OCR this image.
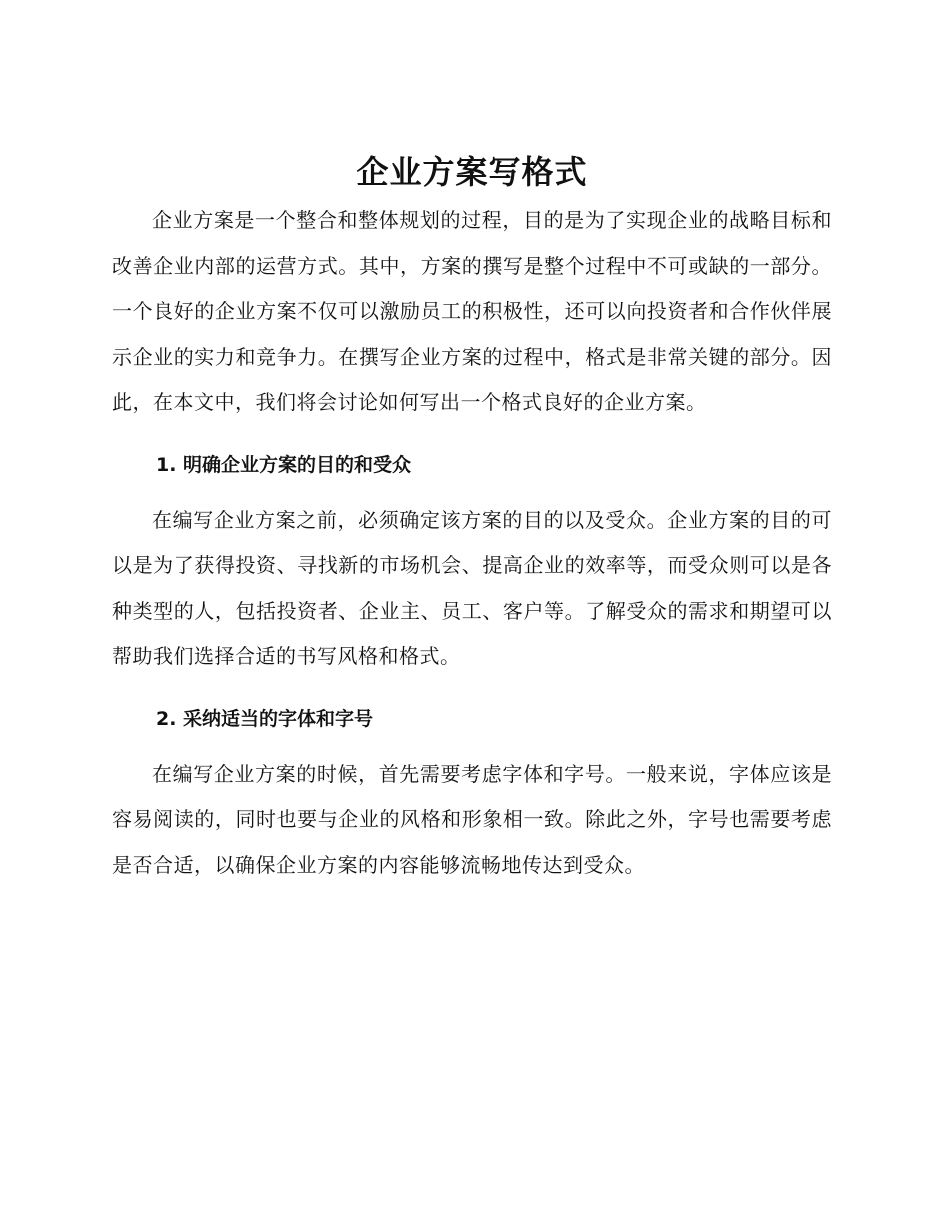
企业方案写格式

企业方案是一个整合和整体规划的过程，目的是为了实现企业的战略目标和改善企业内部的运营方式。其中，方案的撰写是整个过程中不可或缺的一部分。一个良好的企业方案不仅可以激励员工的积极性，还可以向投资者和合作伙伴展示企业的实力和竞争力。在撰写企业方案的过程中，格式是非常关键的部分。因此，在本文中，我们将会讨论如何写出一个格式良好的企业方案。

1. 明确企业方案的目的和受众

在编写企业方案之前，必须确定该方案的目的以及受众。企业方案的目的可以是为了获得投资、寻找新的市场机会、提高企业的效率等，而受众则可以是各种类型的人，包括投资者、企业主、员工、客户等。了解受众的需求和期望可以帮助我们选择合适的书写风格和格式。

2. 采纳适当的字体和字号

在编写企业方案的时候，首先需要考虑字体和字号。一般来说，字体应该是容易阅读的，同时也要与企业的风格和形象相一致。除此之外，字号也需要考虑是否合适，以确保企业方案的内容能够流畅地传达到受众。
